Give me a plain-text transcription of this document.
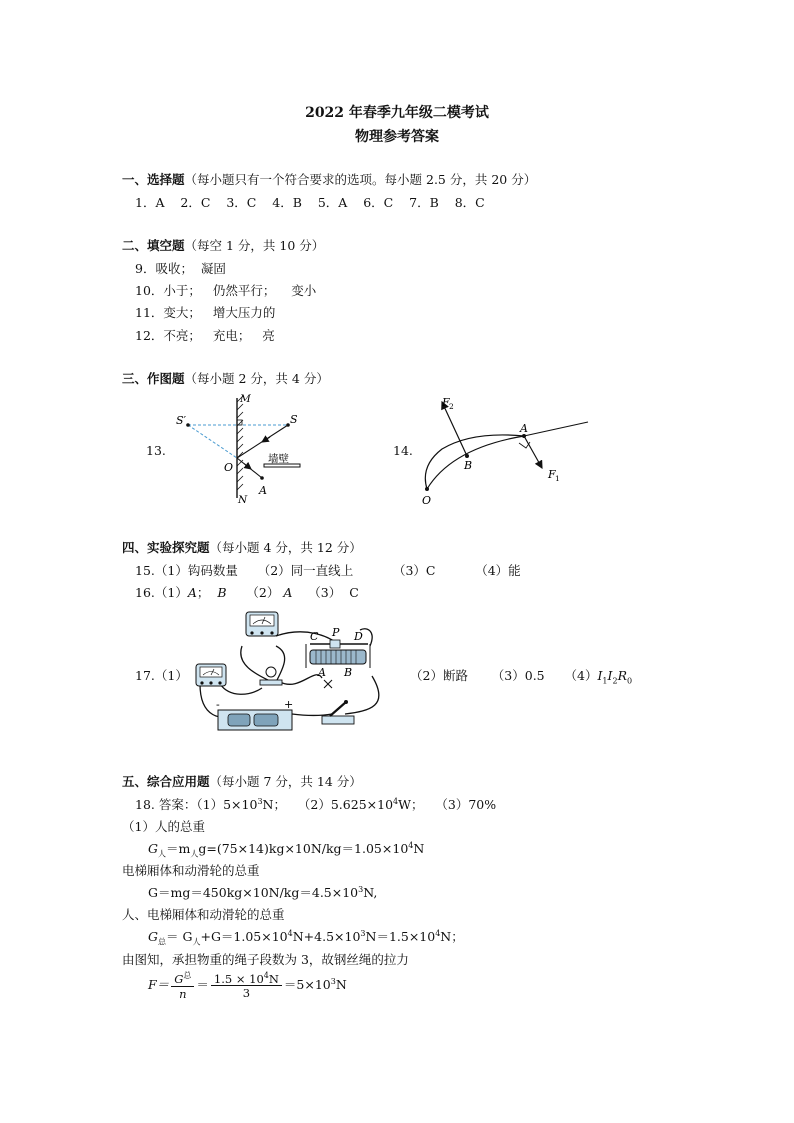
2022 年春季九年级二模考试
物理参考答案
一、选择题（每小题只有一个符合要求的选项。每小题 2.5 分，共 20 分）
1．A 2．C 3．C 4．B 5．A 6．C 7．B 8．C
二、填空题（每空 1 分，共 10 分）
9．吸收； 凝固
10．小于； 仍然平行； 变小
11．变大； 增大压力的
12．不亮； 充电； 亮
三、作图题（每小题 2 分，共 4 分）
13.	14.
墙壁
M
N
S
S′
O
A
F 2
F 1
A
B
O
四、实验探究题（每小题 4 分，共 12 分）
15.（1）钩码数量 （2）同一直线上	（3）C	（4）能
16.（1）A； B （2） A （3） C
17.（1）	（2）断路 （3）0.5 $(4)I_1I_2R_0$
C P D
A B
-	+
五、综合应用题（每小题 7 分，共 14 分）
18. 答案：$(1)5\times 10^3N$； $(2)5.625\times 10^4W$； （3）70%
（1）人的总重
$G_人=m_人g=(75\times 14)kg\times 10N/kg=1.05\times 10^4N$
电梯厢体和动滑轮的总重
$G=mg=450kg\times 10N/kg=4.5\times 10^3N$,
人、电梯厢体和动滑轮的总重
$G_总= G_人+G=1.05\times 10^4N+4.5\times 10^3N=1.5\times 10^4N$；
由图知，承担物重的绳子段数为 3，故钢丝绳的拉力
$F= \frac{G^总}{n} = \frac{1.5 \times 10^4N}{3} =5\times 10^3N$
